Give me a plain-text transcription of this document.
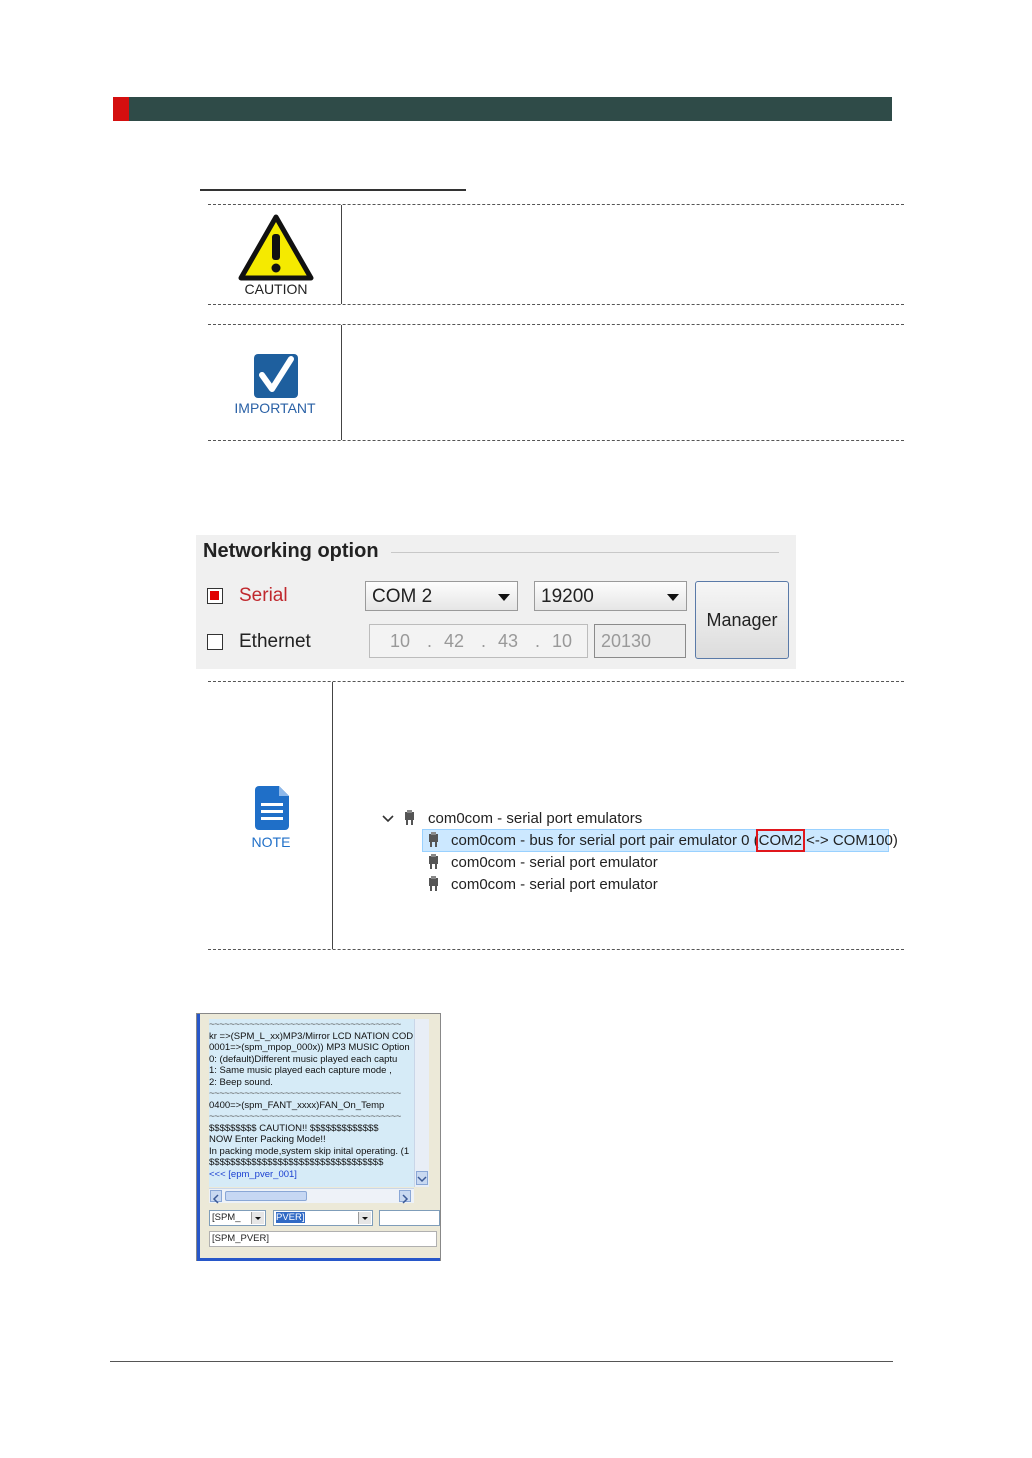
CAUTION
IMPORTANT
Networking option
Serial
Ethernet
COM 2	19200
10 . 42 . 43 . 10 20130
Manager
NOTE
com0com - serial port emulators
com0com - bus for serial port pair emulator 0 (COM2 <-> COM100)
com0com - serial port emulator
com0com - serial port emulator
~~~~~~~~~~~~~~~~~~~~~~~~~~~~~~~~~~~~~~
kr =>(SPM_L_xx)MP3/Mirror LCD NATION COD
0001=>(spm_mpop_000x)) MP3 MUSIC Option
0: (default)Different music played each captu
1: Same music played each capture mode ,
2: Beep sound.
~~~~~~~~~~~~~~~~~~~~~~~~~~~~~~~~~~~~~~
0400=>(spm_FANT_xxxx)FAN_On_Temp
~~~~~~~~~~~~~~~~~~~~~~~~~~~~~~~~~~~~~~
$$$$$$$$$ CAUTION!! $$$$$$$$$$$$$
NOW Enter Packing Mode!!
In packing mode,system skip inital operating. (1
$$$$$$$$$$$$$$$$$$$$$$$$$$$$$$$$$
<<< [epm_pver_001]
[SPM_	PVER]
[SPM_PVER]
